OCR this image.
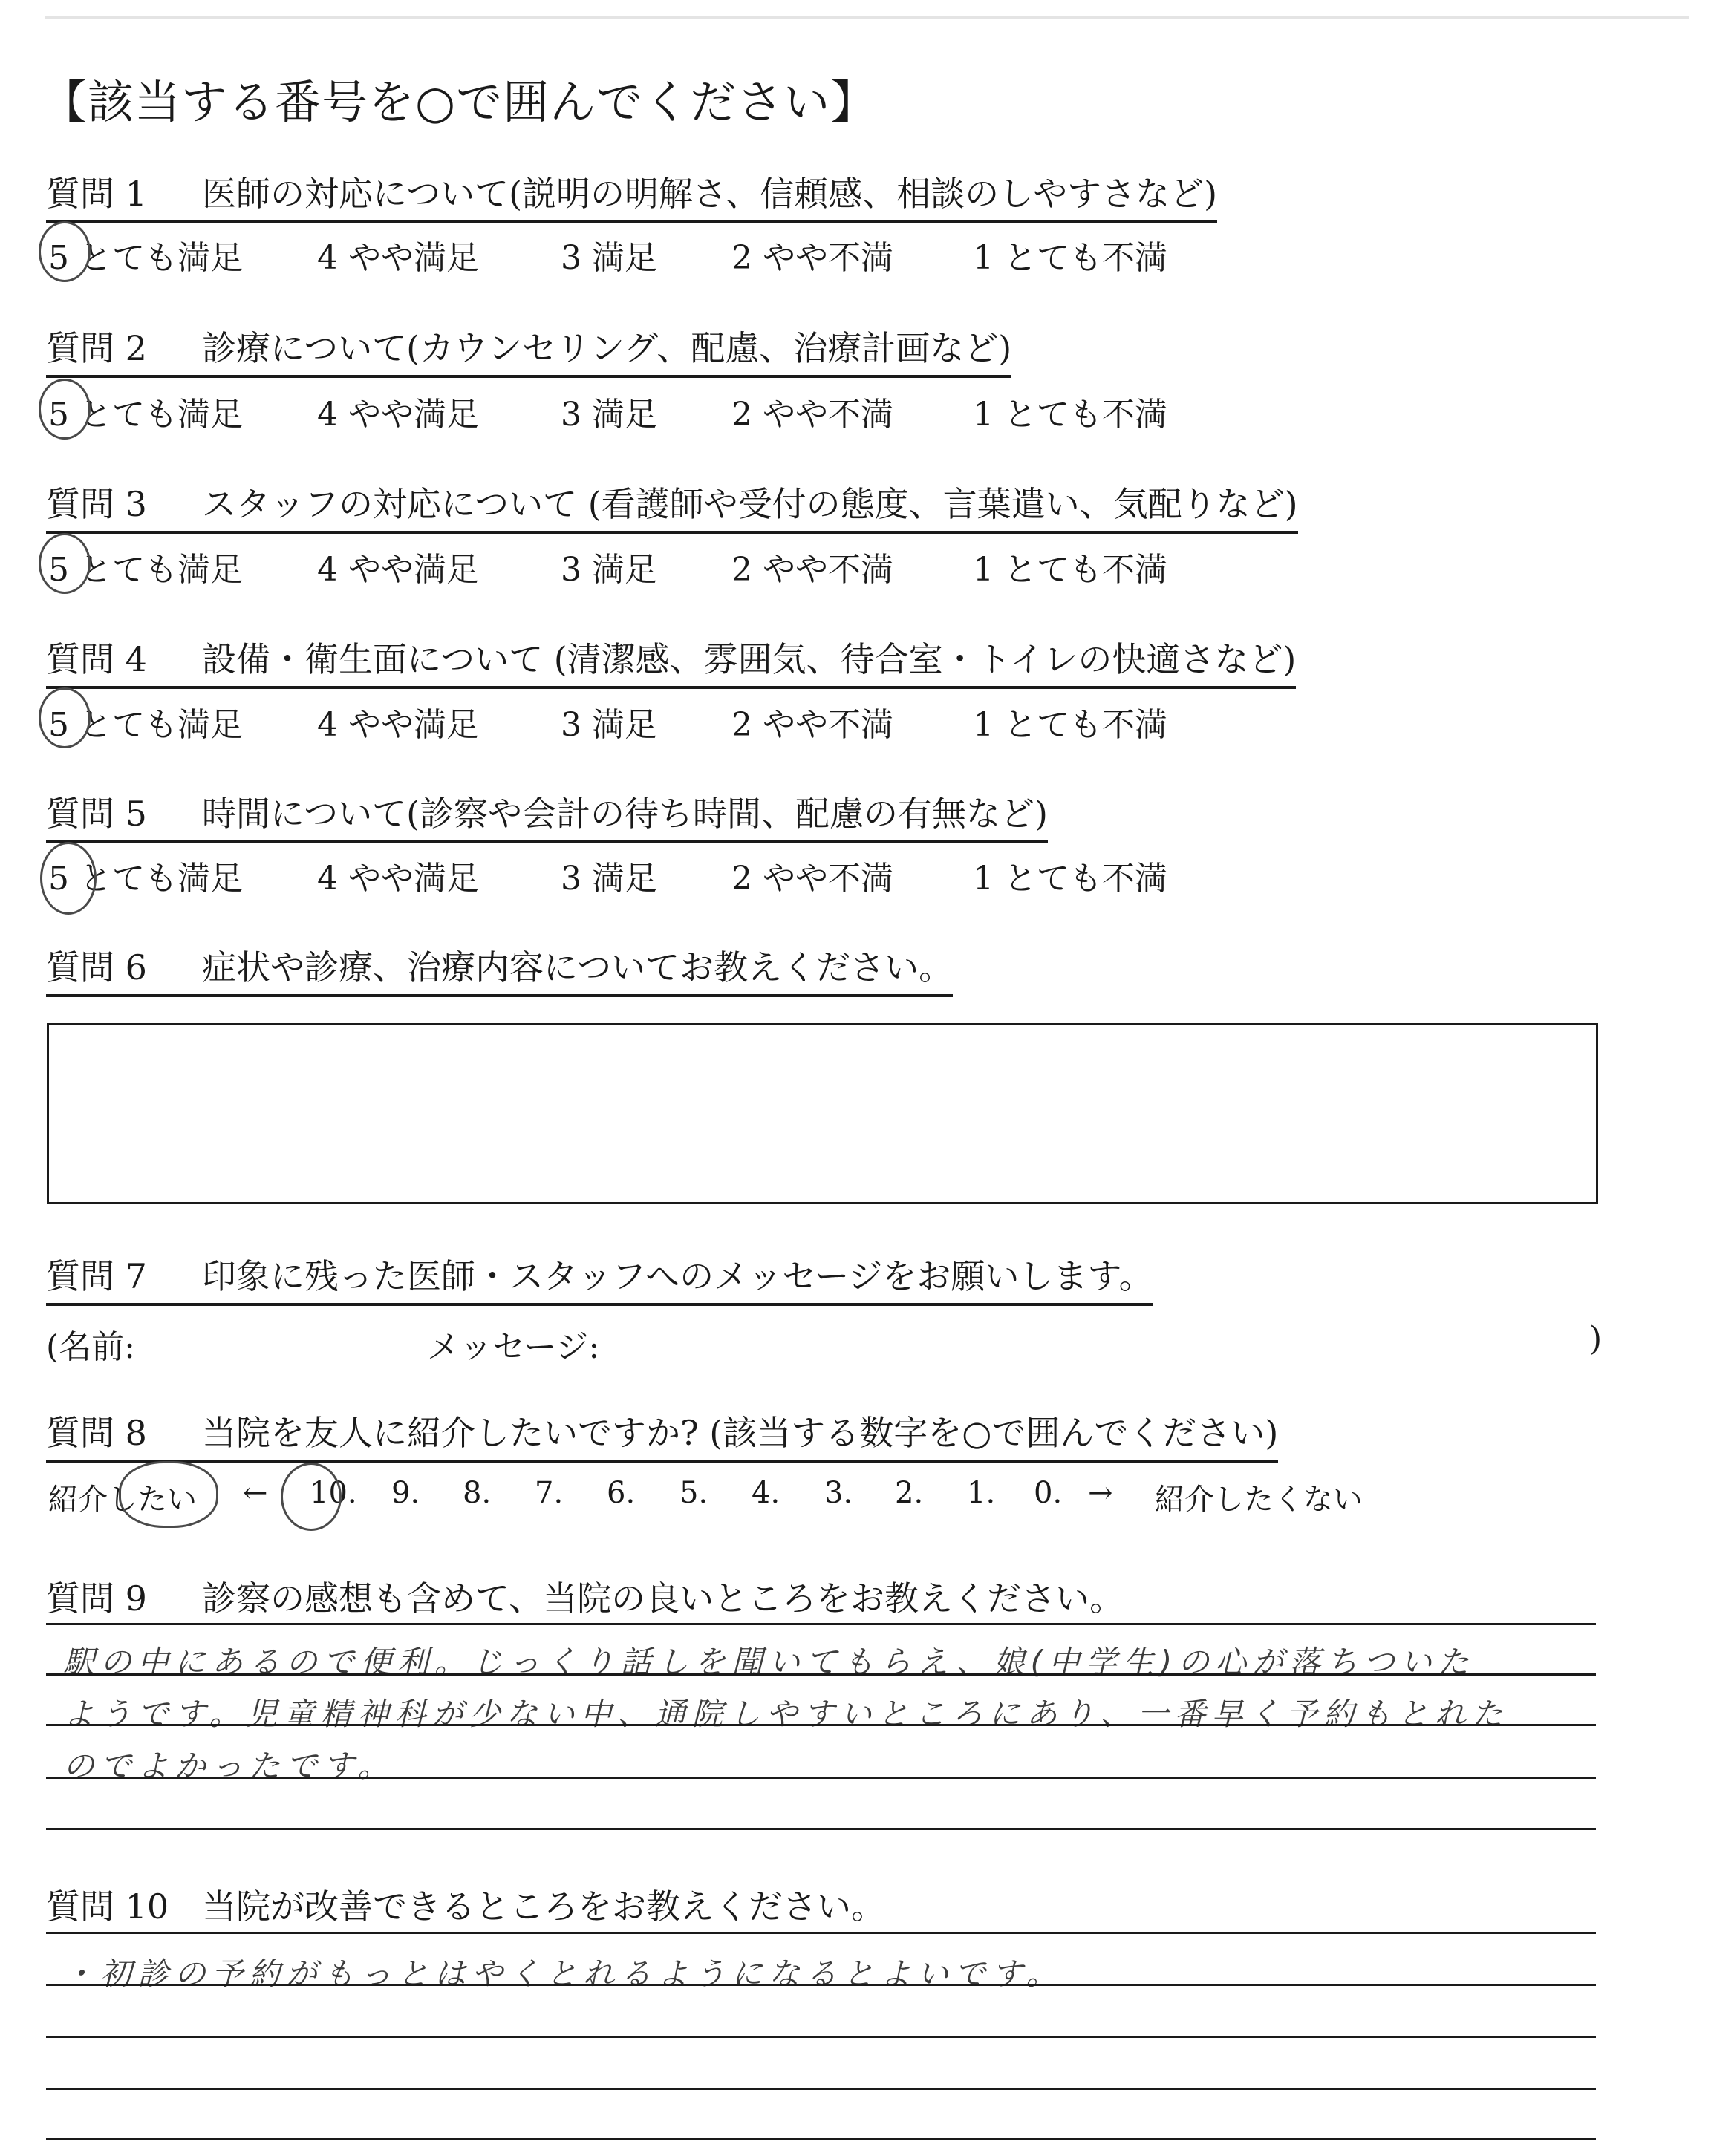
【該当する番号を○で囲んでください】
質問 1 医師の対応について(説明の明解さ、信頼感、相談のしやすさなど)
5 とても満足 4 やや満足	3 満足 2 やや不満 1 とても不満
質問 2 診療について(カウンセリング、配慮、治療計画など)
5 とても満足 4 やや満足	3 満足 2 やや不満 1 とても不満
質問 3 スタッフの対応について (看護師や受付の態度、言葉遣い、気配りなど)
5 とても満足 4 やや満足	3 満足 2 やや不満 1 とても不満
質問 4 設備・衛生面について (清潔感、雰囲気、待合室・トイレの快適さなど)
5 とても満足 4 やや満足	3 満足 2 やや不満 1 とても不満
質問 5 時間について(診察や会計の待ち時間、配慮の有無など)
5 とても満足 4 やや満足	3 満足 2 やや不満 1 とても不満
質問 6 症状や診療、治療内容についてお教えください。
質問 7 印象に残った医師・スタッフへのメッセージをお願いします。
(名前:	メッセージ:	)
質問 8 当院を友人に紹介したいですか? (該当する数字を○で囲んでください)
紹介したい ← 10. 9. 8. 7. 6. 5. 4. 3. 2. 1. 0. → 紹介したくない
質問 9 診察の感想も含めて、当院の良いところをお教えください。
駅の中にあるので便利。じっくり話しを聞いてもらえ、娘(中学生)の心が落ちついた
ようです。児童精神科が少ない中、通院しやすいところにあり、一番早く予約もとれた
のでよかったです。
質問 10 当院が改善できるところをお教えください。
・初診の予約がもっとはやくとれるようになるとよいです。
